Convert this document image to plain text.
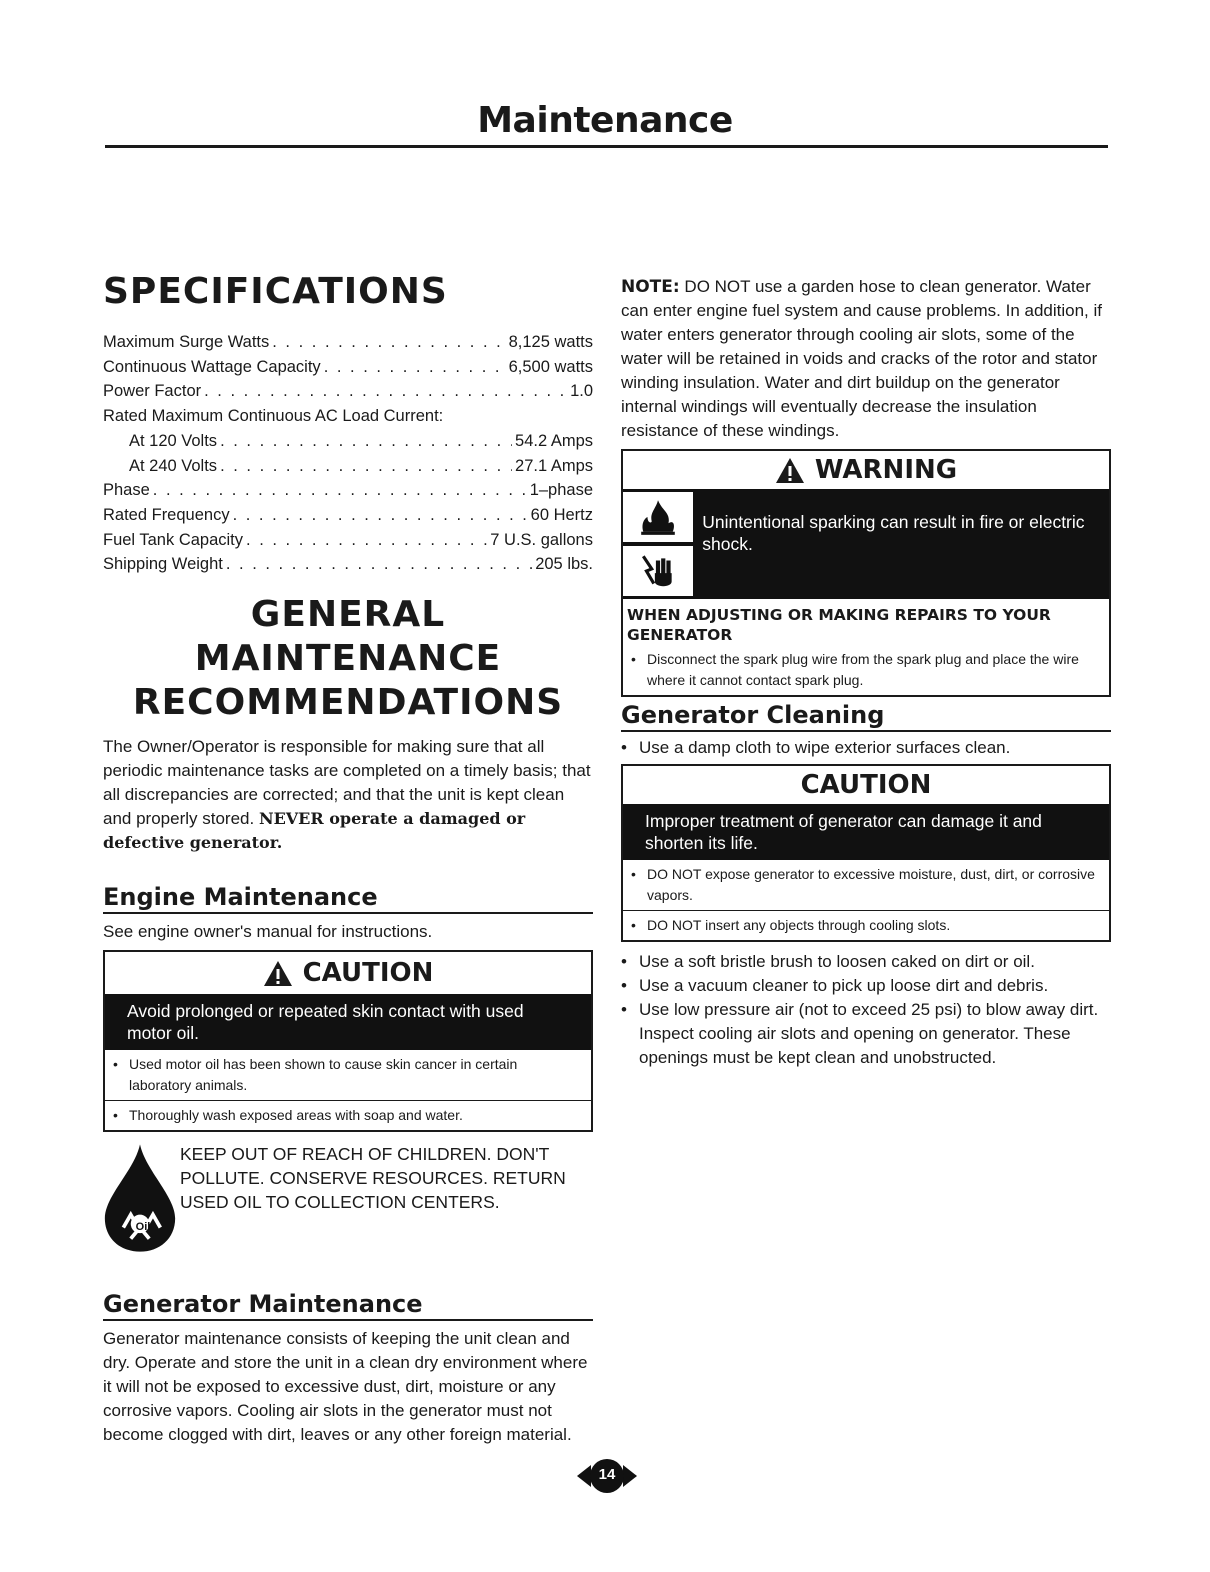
Maintenance
SPECIFICATIONS
Maximum Surge Watts . . .	8,125 watts
Continuous Wattage Capacity . . .	6,500 watts
Power Factor . . .	1.0
Rated Maximum Continuous AC Load Current:
At 120 Volts . . .	54.2 Amps
At 240 Volts . . .	27.1 Amps
Phase . . .	1–phase
Rated Frequency . . .	60 Hertz
Fuel Tank Capacity . . .	7 U.S. gallons
Shipping Weight . . .	205 lbs.
GENERAL MAINTENANCE
RECOMMENDATIONS
The Owner/Operator is responsible for making sure that all periodic maintenance tasks are completed on a timely basis; that all discrepancies are corrected; and that the unit is kept clean and properly stored. NEVER operate a damaged or defective generator.
Engine Maintenance
See engine owner's manual for instructions.
CAUTION
Avoid prolonged or repeated skin contact with used motor oil.
• Used motor oil has been shown to cause skin cancer in certain laboratory animals.
• Thoroughly wash exposed areas with soap and water.
Oil
KEEP OUT OF REACH OF CHILDREN. DON'T POLLUTE. CONSERVE RESOURCES. RETURN USED OIL TO COLLECTION CENTERS.
Generator Maintenance
Generator maintenance consists of keeping the unit clean and dry. Operate and store the unit in a clean dry environment where it will not be exposed to excessive dust, dirt, moisture or any corrosive vapors. Cooling air slots in the generator must not become clogged with dirt, leaves or any other foreign material.
NOTE: DO NOT use a garden hose to clean generator. Water can enter engine fuel system and cause problems. In addition, if water enters generator through cooling air slots, some of the water will be retained in voids and cracks of the rotor and stator winding insulation. Water and dirt buildup on the generator internal windings will eventually decrease the insulation resistance of these windings.
WARNING
Unintentional sparking can result in fire or electric shock.
WHEN ADJUSTING OR MAKING REPAIRS TO YOUR GENERATOR
• Disconnect the spark plug wire from the spark plug and place the wire where it cannot contact spark plug.
Generator Cleaning
• Use a damp cloth to wipe exterior surfaces clean.
CAUTION
Improper treatment of generator can damage it and shorten its life.
• DO NOT expose generator to excessive moisture, dust, dirt, or corrosive vapors.
• DO NOT insert any objects through cooling slots.
• Use a soft bristle brush to loosen caked on dirt or oil.
• Use a vacuum cleaner to pick up loose dirt and debris.
• Use low pressure air (not to exceed 25 psi) to blow away dirt. Inspect cooling air slots and opening on generator. These openings must be kept clean and unobstructed.
14
